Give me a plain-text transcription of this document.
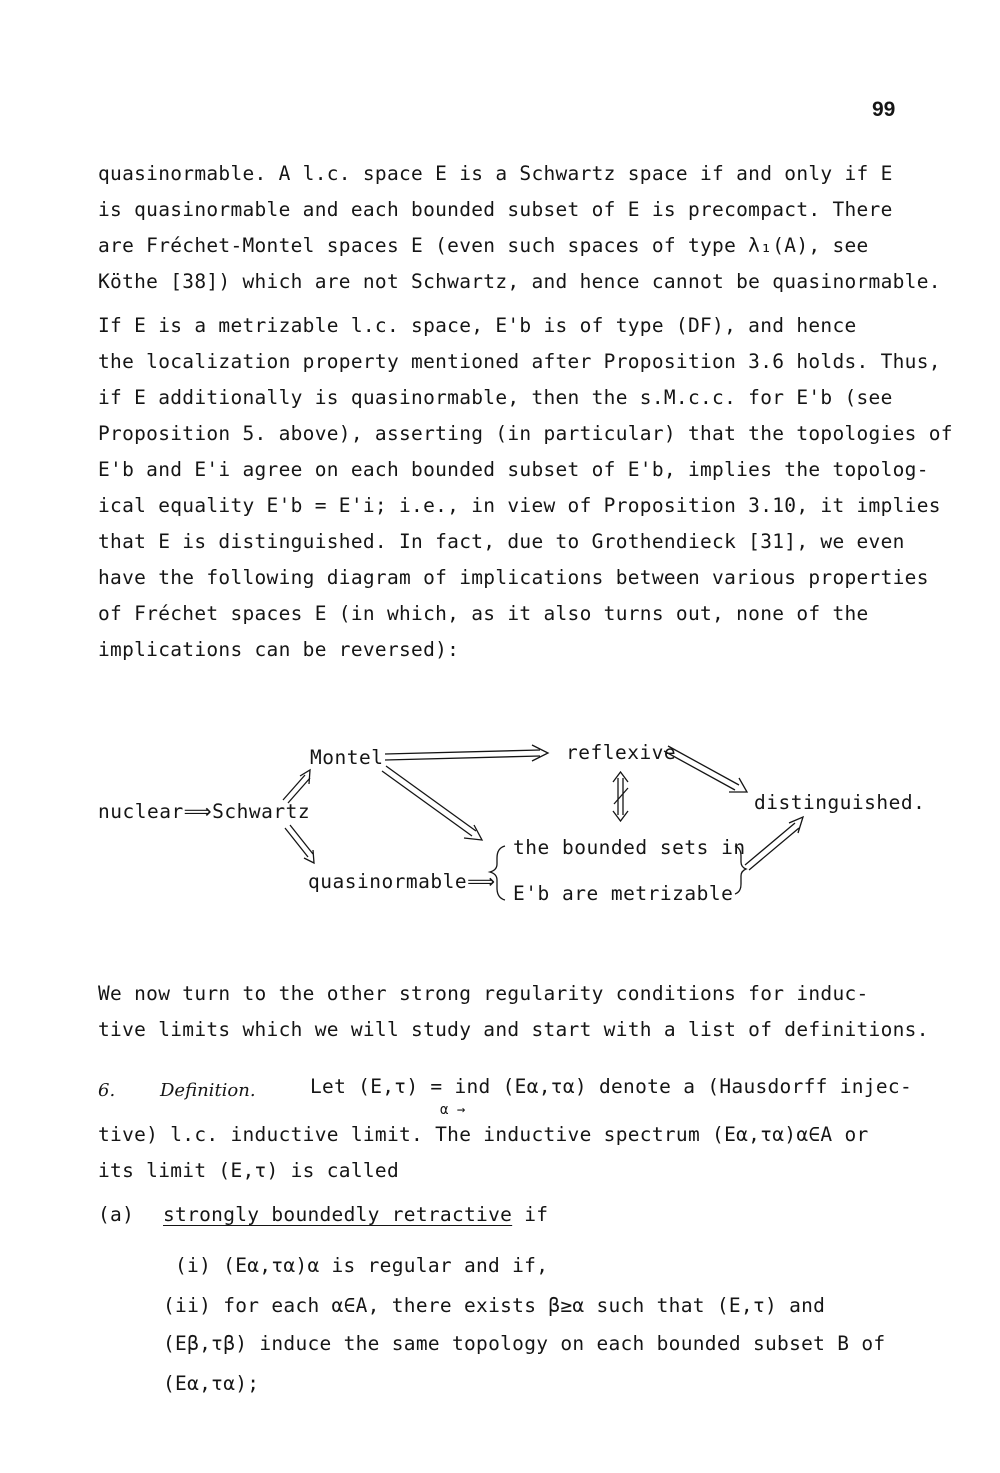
99
quasinormable. A l.c. space E is a Schwartz space if and only if E
is quasinormable and each bounded subset of E is precompact. There
are Fréchet-Montel spaces E (even such spaces of type λ₁(A), see
Köthe [38]) which are not Schwartz, and hence cannot be quasinormable.
If E is a metrizable l.c. space, E'b is of type (DF), and hence
the localization property mentioned after Proposition 3.6 holds. Thus,
if E additionally is quasinormable, then the s.M.c.c. for E'b (see
Proposition 5. above), asserting (in particular) that the topologies of
E'b and E'i agree on each bounded subset of E'b, implies the topolog-
ical equality E'b = E'i; i.e., in view of Proposition 3.10, it implies
that E is distinguished. In fact, due to Grothendieck [31], we even
have the following diagram of implications between various properties
of Fréchet spaces E (in which, as it also turns out, none of the
implications can be reversed):
Montel	reflexive
nuclear⟹Schwartz	distinguished.
quasinormable⟹
the bounded sets in
E'b are metrizable
We now turn to the other strong regularity conditions for induc-
tive limits which we will study and start with a list of definitions.
6. Definition.	Let (E,τ) = ind (Eα,τα) denote a (Hausdorff injec-
α →
tive) l.c. inductive limit. The inductive spectrum (Eα,τα)α∈A or
its limit (E,τ) is called
(a) strongly boundedly retractive if
(i) (Eα,τα)α is regular and if,
(ii) for each α∈A, there exists β≥α such that (E,τ) and
(Eβ,τβ) induce the same topology on each bounded subset B of
(Eα,τα);
